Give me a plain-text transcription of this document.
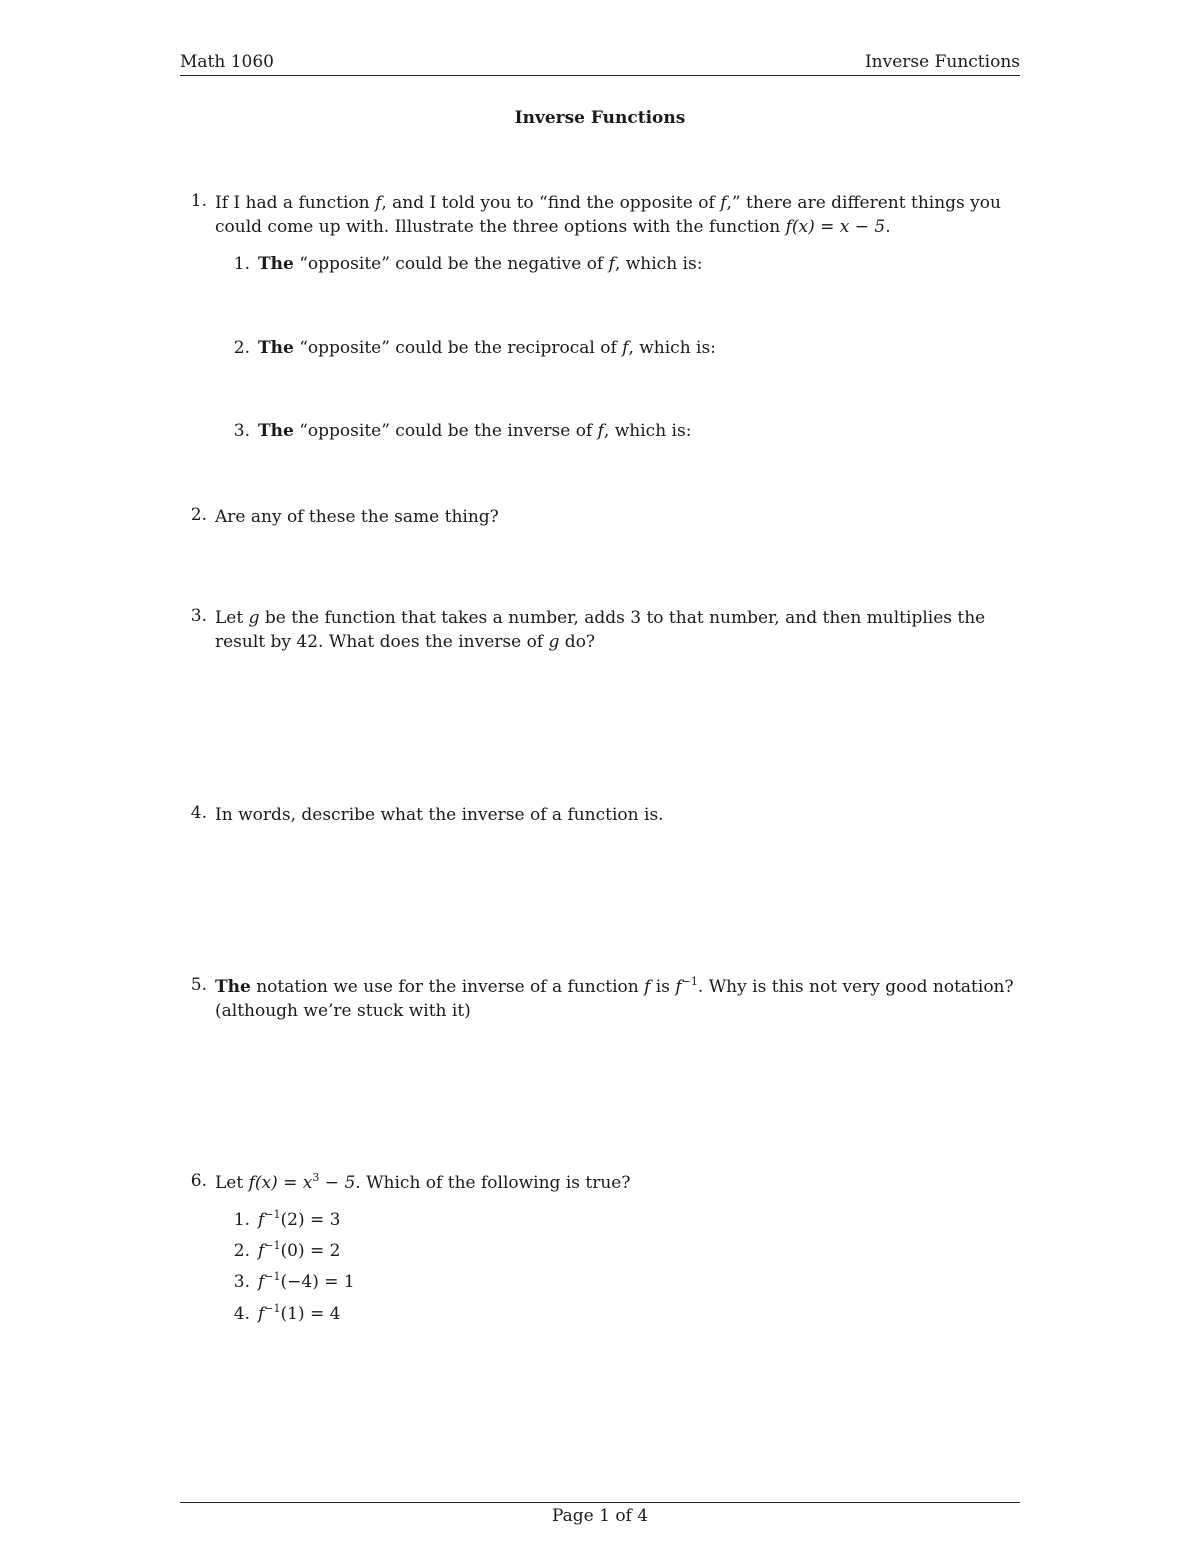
Math 1060	Inverse Functions
Inverse Functions
1. If I had a function f, and I told you to “find the opposite of f,” there are different things you
could come up with. Illustrate the three options with the function f(x) = x − 5.
1. The “opposite” could be the negative of f, which is:
2. The “opposite” could be the reciprocal of f, which is:
3. The “opposite” could be the inverse of f, which is:
2. Are any of these the same thing?
3. Let g be the function that takes a number, adds 3 to that number, and then multiplies the
result by 42. What does the inverse of g do?
4. In words, describe what the inverse of a function is.
5. The notation we use for the inverse of a function f is $f^{-1}$. Why is this not very good notation?
(although we’re stuck with it)
6. Let $f(x) = x^3 - 5$. Which of the following is true?
1. $f^{-1}(2) = 3$
2. $f^{-1}(0) = 2$
3. $f^{-1}(-4) = 1$
4. $f^{-1}(1) = 4$
Page 1 of 4
